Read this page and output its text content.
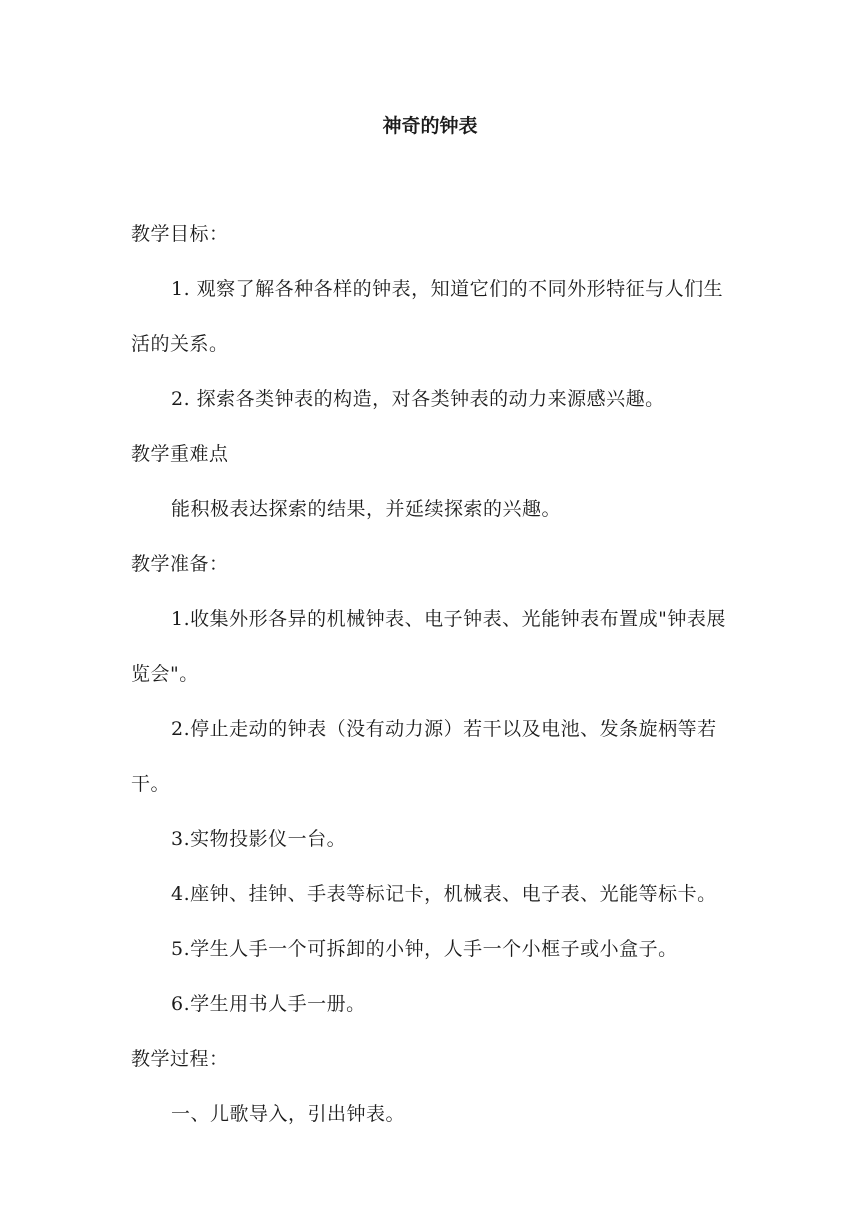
神奇的钟表

教学目标：

1. 观察了解各种各样的钟表，知道它们的不同外形特征与人们生活的关系。

2. 探索各类钟表的构造，对各类钟表的动力来源感兴趣。

教学重难点

能积极表达探索的结果，并延续探索的兴趣。

教学准备：

1.收集外形各异的机械钟表、电子钟表、光能钟表布置成"钟表展览会"。

2.停止走动的钟表（没有动力源）若干以及电池、发条旋柄等若干。

3.实物投影仪一台。

4.座钟、挂钟、手表等标记卡，机械表、电子表、光能等标卡。

5.学生人手一个可拆卸的小钟，人手一个小框子或小盒子。

6.学生用书人手一册。

教学过程：

一、儿歌导入，引出钟表。
